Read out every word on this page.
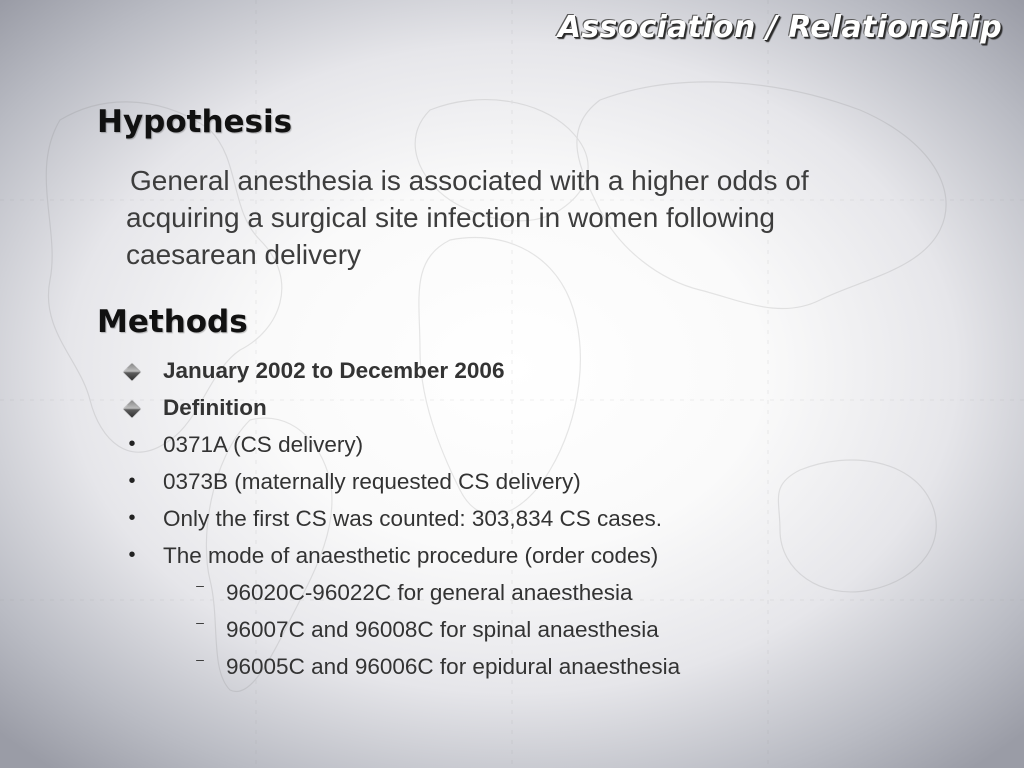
Association / Relationship
Hypothesis
General anesthesia is associated with a higher odds of acquiring a surgical site infection in women following caesarean delivery
Methods
January 2002 to December 2006
Definition
• 0371A (CS delivery)
• 0373B (maternally requested CS delivery)
• Only the first CS was counted: 303,834 CS cases.
• The mode of anaesthetic procedure (order codes)
– 96020C-96022C for general anaesthesia
– 96007C and 96008C for spinal anaesthesia
– 96005C and 96006C for epidural anaesthesia
